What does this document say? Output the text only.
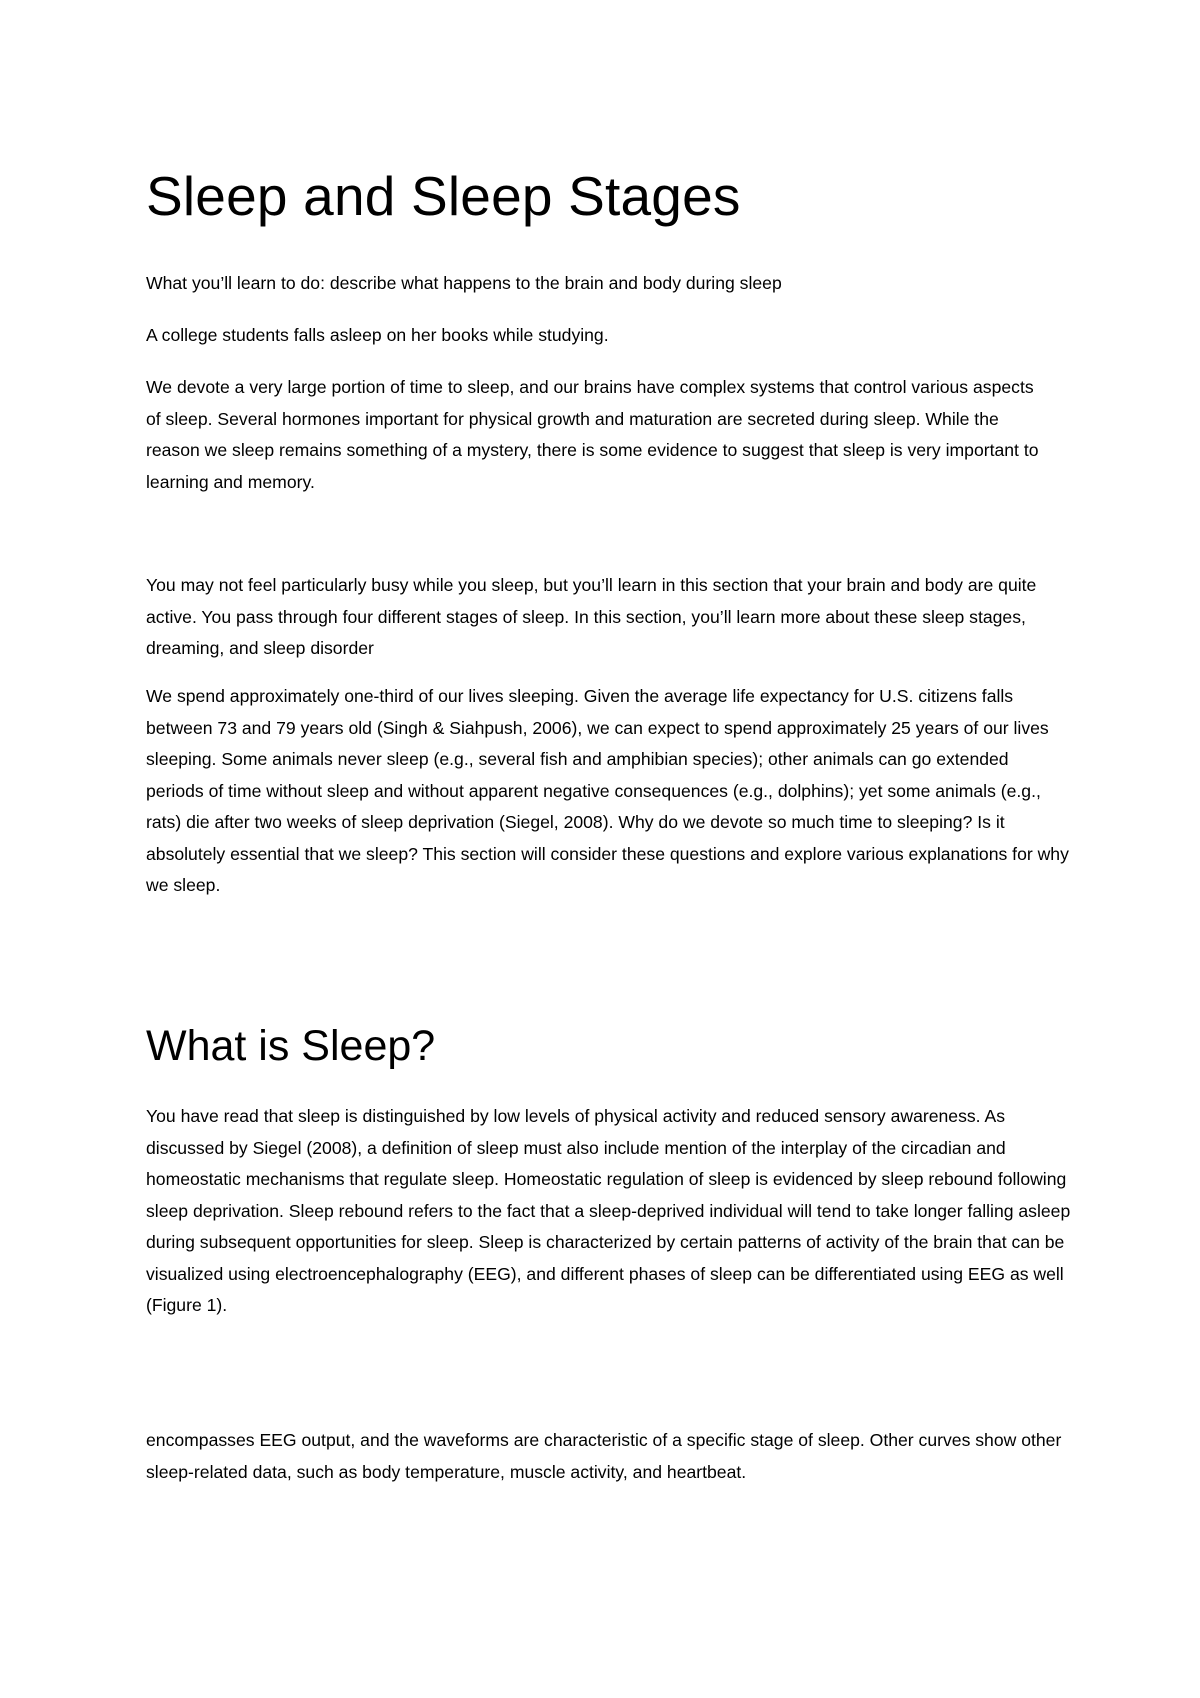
Sleep and Sleep Stages

What you’ll learn to do: describe what happens to the brain and body during sleep

A college students falls asleep on her books while studying.

We devote a very large portion of time to sleep, and our brains have complex systems that control various aspects of sleep. Several hormones important for physical growth and maturation are secreted during sleep. While the reason we sleep remains something of a mystery, there is some evidence to suggest that sleep is very important to learning and memory.

You may not feel particularly busy while you sleep, but you’ll learn in this section that your brain and body are quite active. You pass through four different stages of sleep. In this section, you’ll learn more about these sleep stages, dreaming, and sleep disorder

We spend approximately one-third of our lives sleeping. Given the average life expectancy for U.S. citizens falls between 73 and 79 years old (Singh & Siahpush, 2006), we can expect to spend approximately 25 years of our lives sleeping. Some animals never sleep (e.g., several fish and amphibian species); other animals can go extended periods of time without sleep and without apparent negative consequences (e.g., dolphins); yet some animals (e.g., rats) die after two weeks of sleep deprivation (Siegel, 2008). Why do we devote so much time to sleeping? Is it absolutely essential that we sleep? This section will consider these questions and explore various explanations for why we sleep.

What is Sleep?

You have read that sleep is distinguished by low levels of physical activity and reduced sensory awareness. As discussed by Siegel (2008), a definition of sleep must also include mention of the interplay of the circadian and homeostatic mechanisms that regulate sleep. Homeostatic regulation of sleep is evidenced by sleep rebound following sleep deprivation. Sleep rebound refers to the fact that a sleep-deprived individual will tend to take longer falling asleep during subsequent opportunities for sleep. Sleep is characterized by certain patterns of activity of the brain that can be visualized using electroencephalography (EEG), and different phases of sleep can be differentiated using EEG as well (Figure 1).

encompasses EEG output, and the waveforms are characteristic of a specific stage of sleep. Other curves show other sleep-related data, such as body temperature, muscle activity, and heartbeat.
